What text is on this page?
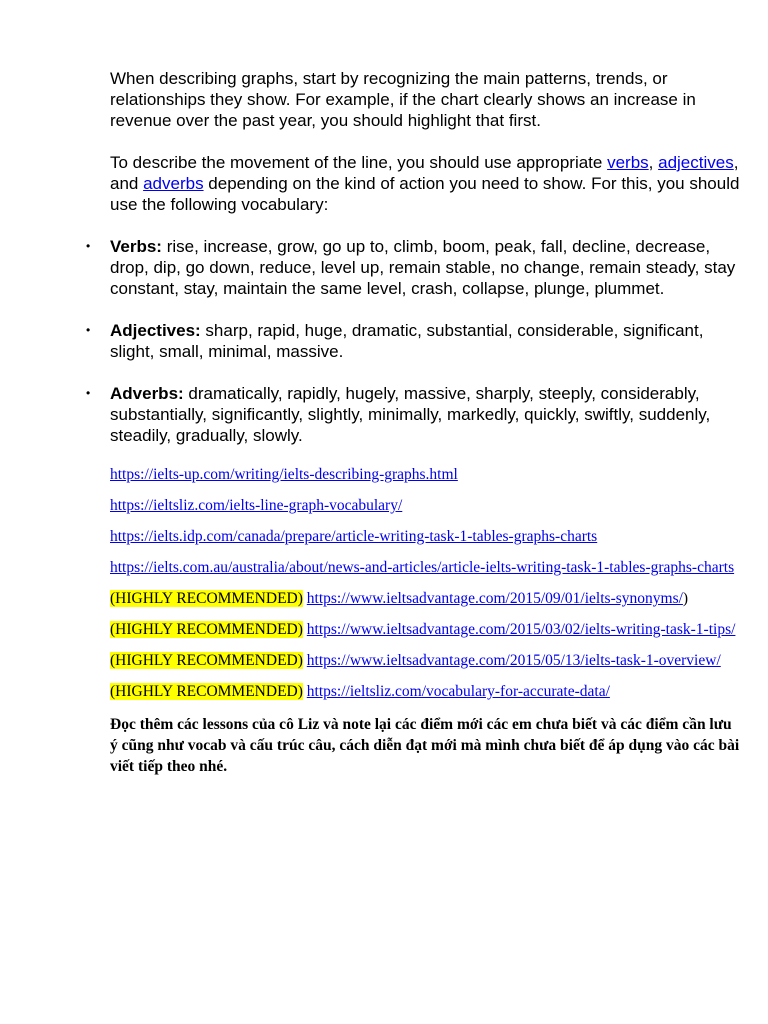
When describing graphs, start by recognizing the main patterns, trends, or relationships they show. For example, if the chart clearly shows an increase in revenue over the past year, you should highlight that first.

To describe the movement of the line, you should use appropriate verbs, adjectives, and adverbs depending on the kind of action you need to show. For this, you should use the following vocabulary:

• Verbs: rise, increase, grow, go up to, climb, boom, peak, fall, decline, decrease, drop, dip, go down, reduce, level up, remain stable, no change, remain steady, stay constant, stay, maintain the same level, crash, collapse, plunge, plummet.
• Adjectives: sharp, rapid, huge, dramatic, substantial, considerable, significant, slight, small, minimal, massive.
• Adverbs: dramatically, rapidly, hugely, massive, sharply, steeply, considerably, substantially, significantly, slightly, minimally, markedly, quickly, swiftly, suddenly, steadily, gradually, slowly.

https://ielts-up.com/writing/ielts-describing-graphs.html

https://ieltsliz.com/ielts-line-graph-vocabulary/

https://ielts.idp.com/canada/prepare/article-writing-task-1-tables-graphs-charts

https://ielts.com.au/australia/about/news-and-articles/article-ielts-writing-task-1-tables-graphs-charts

(HIGHLY RECOMMENDED) https://www.ieltsadvantage.com/2015/09/01/ielts-synonyms/)

(HIGHLY RECOMMENDED) https://www.ieltsadvantage.com/2015/03/02/ielts-writing-task-1-tips/

(HIGHLY RECOMMENDED) https://www.ieltsadvantage.com/2015/05/13/ielts-task-1-overview/

(HIGHLY RECOMMENDED) https://ieltsliz.com/vocabulary-for-accurate-data/

Đọc thêm các lessons của cô Liz và note lại các điểm mới các em chưa biết và các điểm cần lưu ý cũng như vocab và cấu trúc câu, cách diễn đạt mới mà mình chưa biết để áp dụng vào các bài viết tiếp theo nhé.
